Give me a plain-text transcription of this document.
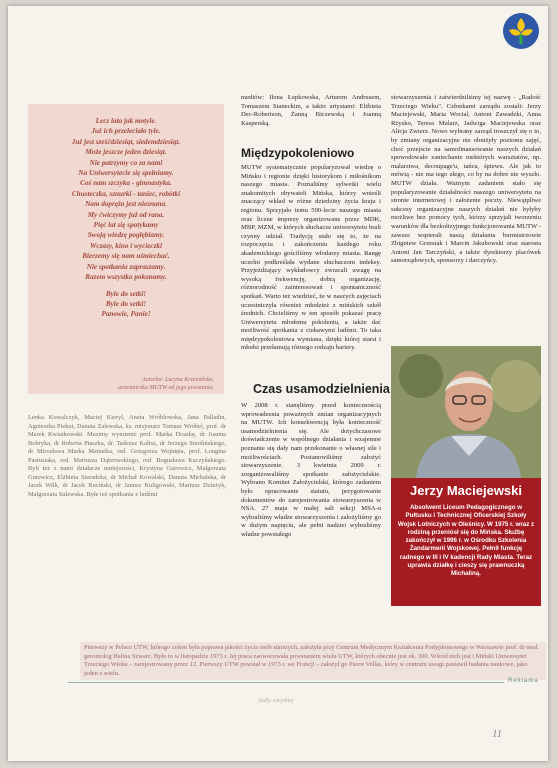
Lecz lata jak motyle.
Już ich przeleciało tyle.
Już jest sześćdziesiąt, siedemdziesiąt.
Może jeszcze jeden dziesiąt.
Nie patrzymy co za nami
Na Uniwersytecie się spełniamy.
Coś nam szczyka - gimnastyka.
Chusteczka, sznurki - taniec, robótki
Nam dopręża jest nieznana.
My ćwiczymy już od rana.
Pięć lat się spotykamy
Swoją wiedzę pogłębiamy.
Wczasy, kino i wycieczki
Bierzemy się nam uśmiechać.
Nie spotkania zapraszamy.
Razem wszystko pokonamy.
Byle do setki!
Byle do setki!
Panowie, Panie!
Autorka: Lucyna Krzemińska,
uczestniczka MUTW od jego powstania.

Lenka Kowalczyk, Maciej Kieryl, Aneta Wróblewska, Jana Palladin, Agnieszka Piekut, Danuta Zalewska, ks. misjonarz Tomasz Wróbel, prof. dr Marek Kwiatkowski. Musimy wymienić prof. Marka Doszkę, dr Joanna Bobryka, dr Roberta Ptaszka, dr. Tadeusz Kalisz, dr Jerzego Smolińskiego, dr Mirosława Marka Matusika, red. Grzegorza Wojnięta, prof. Longina Pastusiaka, red. Mariusza Dąbrowskiego, red. Bogusława Kaczyńskiego. Byli też z nami działacze mniejszości, Krystyna Gurowicz, Małgorzata Gurewicz, Elżbieta Sieradzka, dr Michał Kowalski, Danuta Michalska, dr Jacek Wilk, dr Jacek Ruciński, dr Janusz Kuligowski, Mariusz Dzieżyk, Małgorzata Sulewska. Byłe też spotkania z ludźmi

mediów: Ilona Łepkowska, Arturem Andrusem, Tomaszem Sianeckim, a także artystami: Elżbieta Dec-Robertson, Żanną Biczewską i Joanną Kasperską.

Międzypokoleniowo

MUTW systematycznie popularyzował wiedzę o Mińsku i regionie dzięki historykom i miłośnikom naszego miasta. Poznaliśmy sylwetki wielu znakomitych obywateli Mińska, którzy wnieśli znaczący wkład w różne dziedziny życia kraju i regionu. Sprzyjało temu 590-lecie naszego miasta oraz liczne imprezy organizowane przez MDK, MBP, MZM, w których słuchacze uniwersytetu brali czynny udział. Tradycją stało się to, że na rozpoczęciu i zakończeniu każdego roku akademickiego gościliśmy włodarzy miasta. Rangę uczelni podkreślała wydane słuchaczom indeksy. Przyjeżdżający wykładowcy zwracali uwagę na wysoką frekwencję, dobrą organizację, różnorodność zainteresowań i spontaniczność spotkań. Warto też wiedzieć, że w naszych zajęciach uczestniczyła również młodzież z mińskich szkół średnich. Chcieliśmy w ten sposób pokazać pracę Uniwersytetu młodemu pokoleniu, a także dać możliwość spotkania z ciekawymi ludźmi. To taka międzypokoleniowa wymiana, dzięki której starsi i młodsi przełamują różnego rodzaju bariery.

Czas usamodzielnienia

W 2008 r. stanęliśmy przed koniecznością wprowadzenia poważnych zmian organizacyjnych na MUTW. Ich konsekwencją była konieczność usamodzielnienia się. Ale dotychczasowe doświadczenie w wspólnego działania i wzajemne poznanie się dały nam przekonanie o własnej sile i możliwościach. Postanowiliśmy założyć stowarzyszenie. 3 kwietnia 2009 r. zorganizowaliśmy spotkanie założycielskie. Wybrano Komitet Założycielski, którego zadaniem było opracowanie statutu, przygotowanie dokumentów do zarejestrowania stowarzyszenia w NSA. 27 maja w małej sali sekcji MSA-u wybraliśmy władze stowarzyszenia i założyliśmy go w dużym napięciu, ale pełni nadziei wybraliśmy władze powstałego

stowarzyszenia i zatwierdziliśmy tej nazwę - „Radość Trzeciego Wieku". Członkami zarządu zostali: Jerzy Maciejewski, Maria Wocial, Antoni Zawadzki, Anna Rżysko, Teresa Mularz, Jadwiga Maciejewska oraz Alicja Zwierz. Nowo wybrany zarząd troszczył się o to, by zmiany organizacyjne nie obniżyły poziomu zajęć, choć przejście na samofinansowanie naszych działań spowodowało zaniechanie niektórych warsztatów, np. malarstwa, decoupage'u, tańca, śpiewu. Ale jak to mówią - nie ma tego złego, co by na dobre nie wyszło. MUTW działa. Ważnym zadaniem stało się popularyzowanie działalności naszego uniwersytetu na stronie internetowej i założenie poczty. Niewątpliwe sukcesy organizacyjne naszych działań nie byłyby możliwe bez pomocy tych, którzy sprzyjali tworzeniu warunków dla bezkolizyjnego funkcjonowania MUTW - zawsze wspierali naszą działania burmistrzowie Zbigniew Grzesiak i Marcin Jakubowski oraz starosta Antoni Jan Tarczyński, a także dyrektorzy placówek samorządowych, sponsorzy i darczyńcy.

Jerzy Maciejewski
Absolwent Liceum Pedagogicznego w Pułtusku i Technicznej Oficerskiej Szkoły Wojsk Lotniczych w Oleśnicy. W 1975 r. wraz z rodziną przeniósł się do Mińska. Służbę zakończył w 1996 r. w Ośrodku Szkolenia Żandarmerii Wojskowej. Pełnił funkcję radnego w III i IV kadencji Rady Miasta. Teraz uprawia działkę i cieszy się prawnuczką Michaliną.
Pierwszy w Polsce UTW, którego celem była poprawa jakości życia osób starszych, założyła przy Centrum Medycznym Kształcenia Podyplomowego w Warszawie prof. dr med. gerontolog Halina Szwarc. Było to w listopadzie 1975 r. Jej praca zaowocowała powstaniem wielu UTW, których obecnie jest ok. 300. Wśród nich jest i Miński Uniwersytet Trzeciego Wieku – zarejestrowany przez 12. Pierwszy UTW powstał w 1973 r. we Francji – założył go Pierre Vellas, który w centrum uwagi postawił badania naukowe, jako jeden z wielu.
Reklama
Jadły wiejskiej
11
